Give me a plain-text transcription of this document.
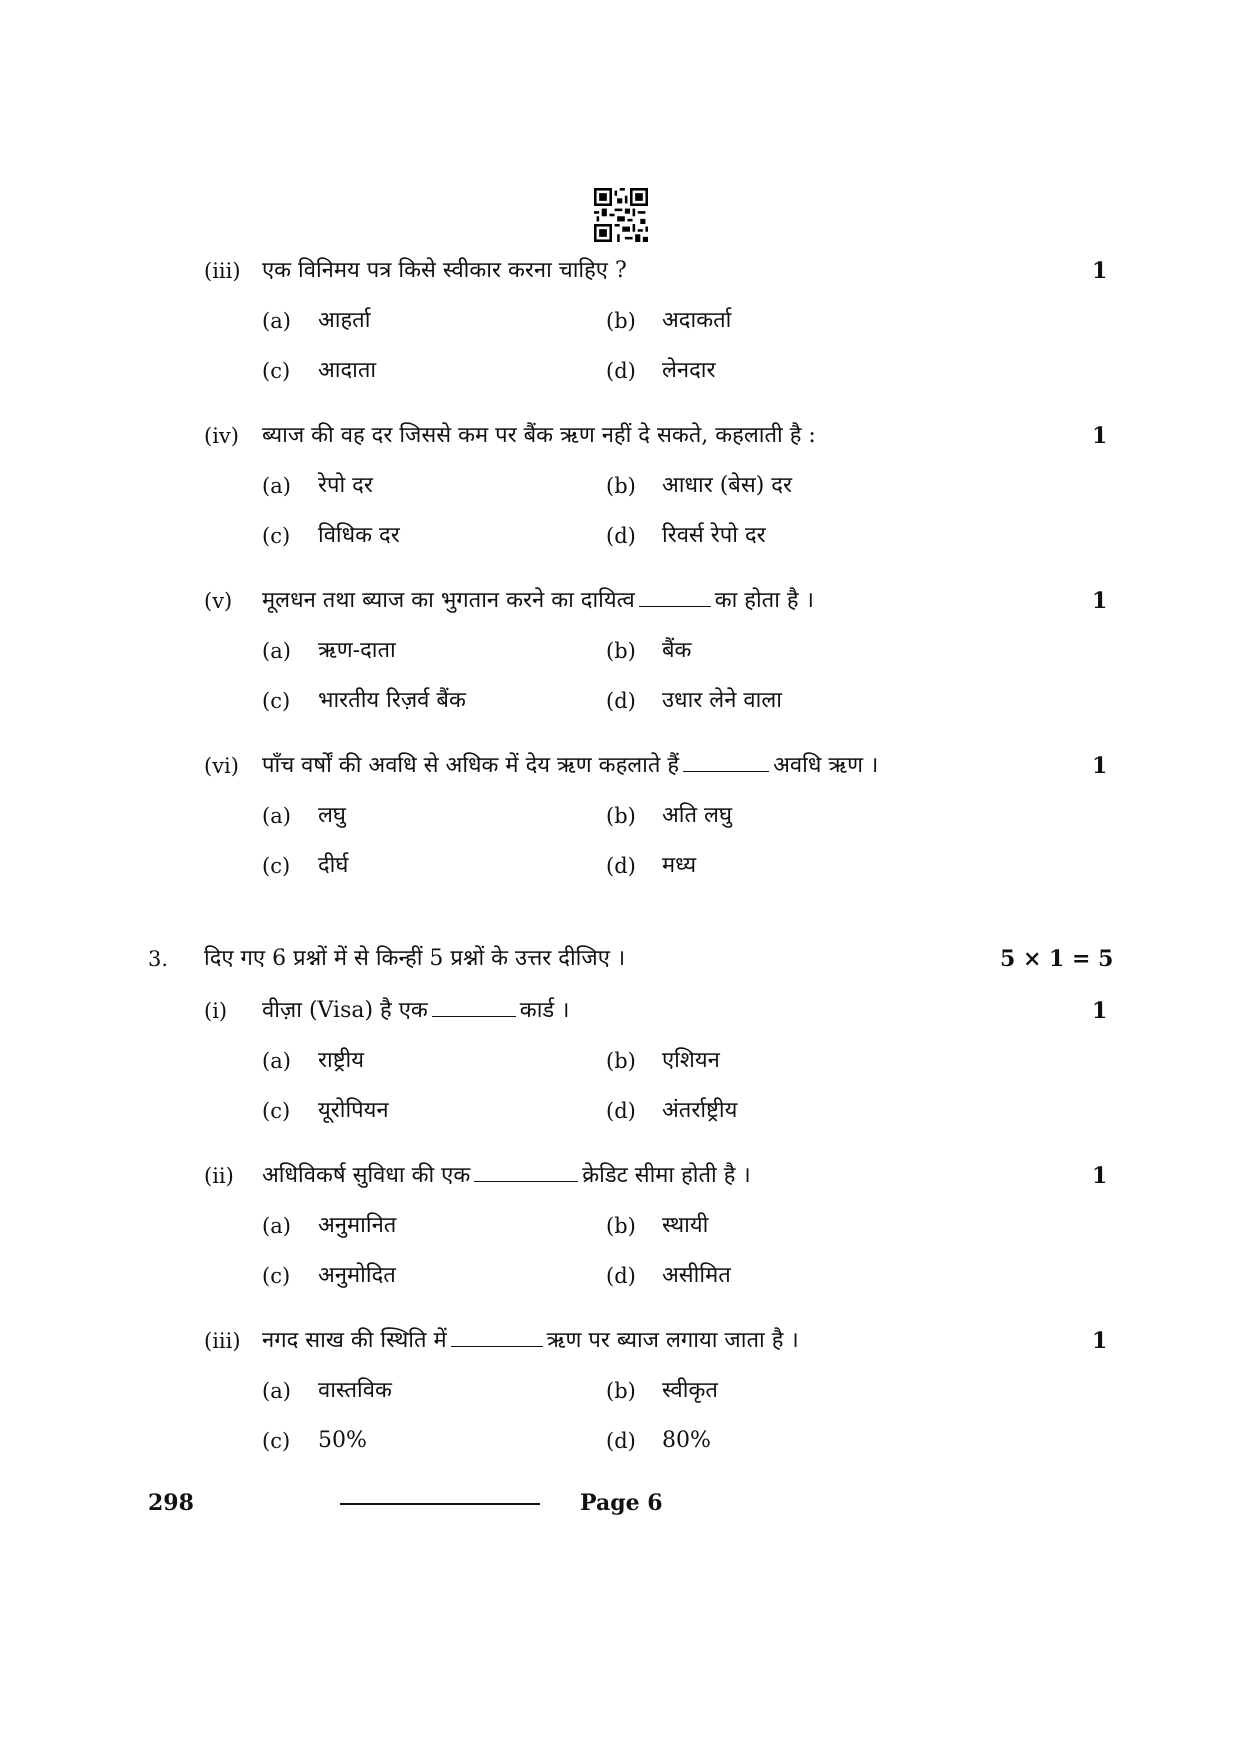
(iii) एक विनिमय पत्र किसे स्वीकार करना चाहिए ?	1
(a) आहर्ता	(b) अदाकर्ता
(c) आदाता	(d) लेनदार
(iv) ब्याज की वह दर जिससे कम पर बैंक ऋण नहीं दे सकते, कहलाती है :	1
(a) रेपो दर	(b) आधार (बेस) दर
(c) विधिक दर	(d) रिवर्स रेपो दर
(v) मूलधन तथा ब्याज का भुगतान करने का दायित्व	का होता है ।	1
(a) ऋण-दाता	(b) बैंक
(c) भारतीय रिज़र्व बैंक	(d) उधार लेने वाला
(vi) पाँच वर्षों की अवधि से अधिक में देय ऋण कहलाते हैं	अवधि ऋण ।	1
(a) लघु	(b) अति लघु
(c) दीर्घ	(d) मध्य
3. दिए गए 6 प्रश्नों में से किन्हीं 5 प्रश्नों के उत्तर दीजिए ।	5 × 1 = 5
(i) वीज़ा (Visa) है एक	कार्ड ।	1
(a) राष्ट्रीय	(b) एशियन
(c) यूरोपियन	(d) अंतर्राष्ट्रीय
(ii) अधिविकर्ष सुविधा की एक	क्रेडिट सीमा होती है ।	1
(a) अनुमानित	(b) स्थायी
(c) अनुमोदित	(d) असीमित
(iii) नगद साख की स्थिति में	ऋण पर ब्याज लगाया जाता है ।	1
(a) वास्तविक	(b) स्वीकृत
(c) 50%	(d) 80%
298	Page 6
